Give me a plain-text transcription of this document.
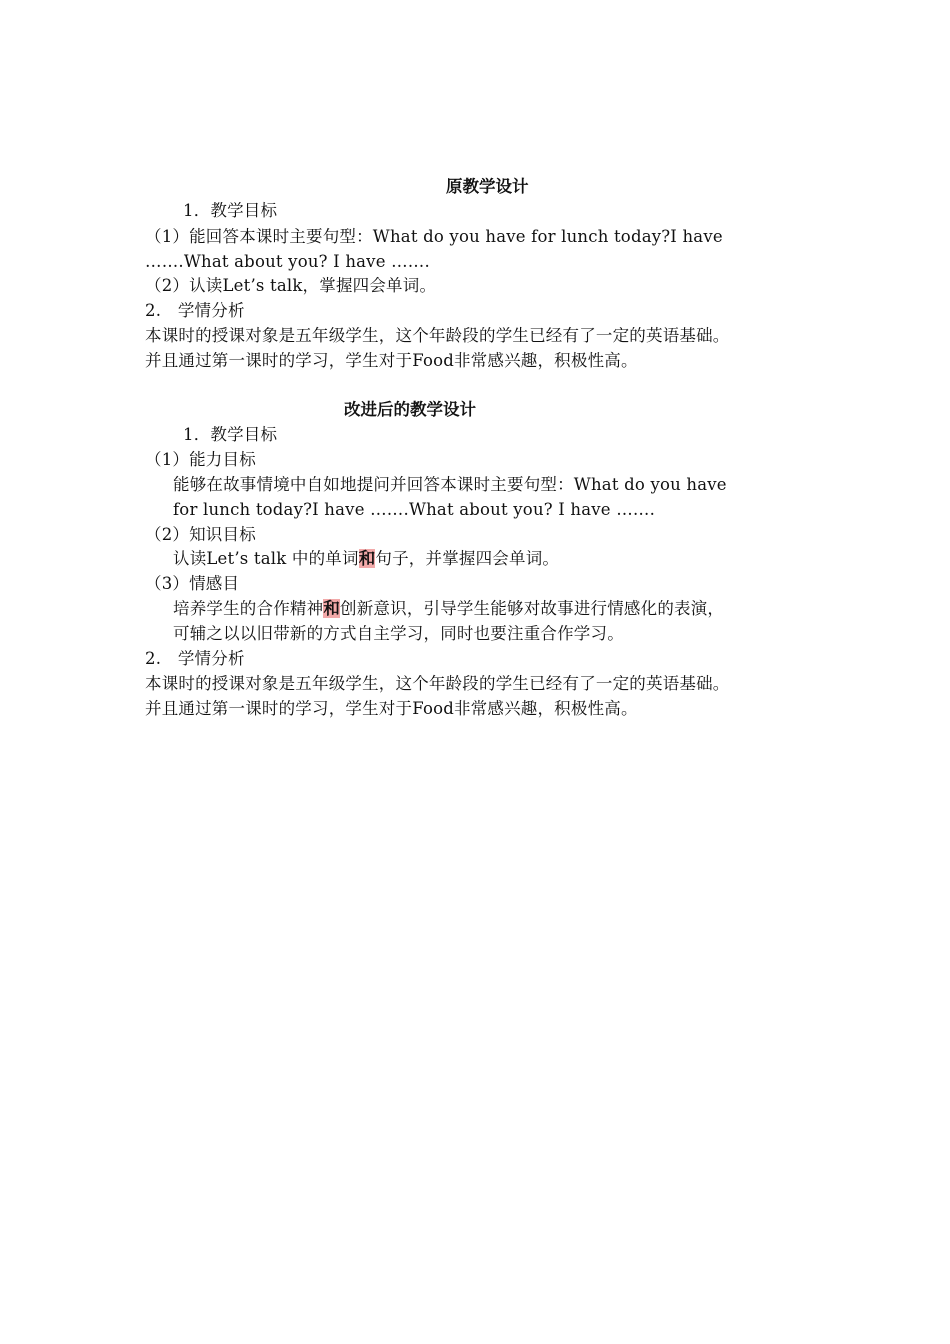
原教学设计
1．教学目标
（1）能回答本课时主要句型：What do you have for lunch today?I have
…….What about you? I have …….
（2）认读Let’s talk，掌握四会单词。
2.　学情分析
本课时的授课对象是五年级学生，这个年龄段的学生已经有了一定的英语基础。
并且通过第一课时的学习，学生对于Food非常感兴趣，积极性高。
改进后的教学设计
1．教学目标
（1）能力目标
能够在故事情境中自如地提问并回答本课时主要句型：What do you have
for lunch today?I have …….What about you? I have …….
（2）知识目标
认读Let’s talk 中的单词和句子，并掌握四会单词。
（3）情感目
培养学生的合作精神和创新意识，引导学生能够对故事进行情感化的表演，
可辅之以以旧带新的方式自主学习，同时也要注重合作学习。
2.　学情分析
本课时的授课对象是五年级学生，这个年龄段的学生已经有了一定的英语基础。
并且通过第一课时的学习，学生对于Food非常感兴趣，积极性高。
